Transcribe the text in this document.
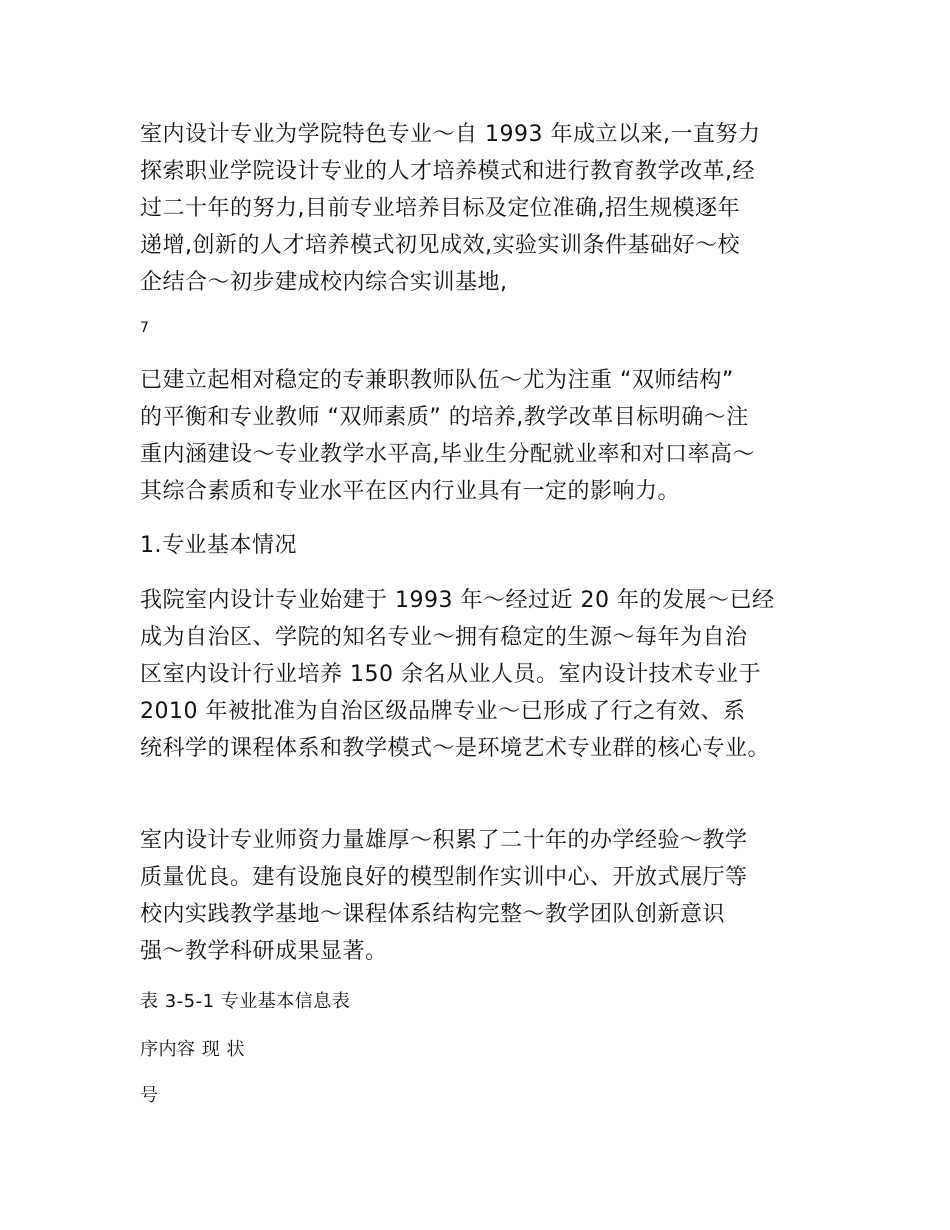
室内设计专业为学院特色专业～自 1993 年成立以来,一直努力
探索职业学院设计专业的人才培养模式和进行教育教学改革,经
过二十年的努力,目前专业培养目标及定位准确,招生规模逐年
递增,创新的人才培养模式初见成效,实验实训条件基础好～校
企结合～初步建成校内综合实训基地,
7
已建立起相对稳定的专兼职教师队伍～尤为注重 “双师结构”
的平衡和专业教师 “双师素质” 的培养,教学改革目标明确～注
重内涵建设～专业教学水平高,毕业生分配就业率和对口率高～
其综合素质和专业水平在区内行业具有一定的影响力。
1.专业基本情况
我院室内设计专业始建于 1993 年～经过近 20 年的发展～已经
成为自治区、学院的知名专业～拥有稳定的生源～每年为自治
区室内设计行业培养 150 余名从业人员。室内设计技术专业于
2010 年被批准为自治区级品牌专业～已形成了行之有效、系
统科学的课程体系和教学模式～是环境艺术专业群的核心专业。
室内设计专业师资力量雄厚～积累了二十年的办学经验～教学
质量优良。建有设施良好的模型制作实训中心、开放式展厅等
校内实践教学基地～课程体系结构完整～教学团队创新意识
强～教学科研成果显著。
表 3-5-1 专业基本信息表
序内容 现 状
号
